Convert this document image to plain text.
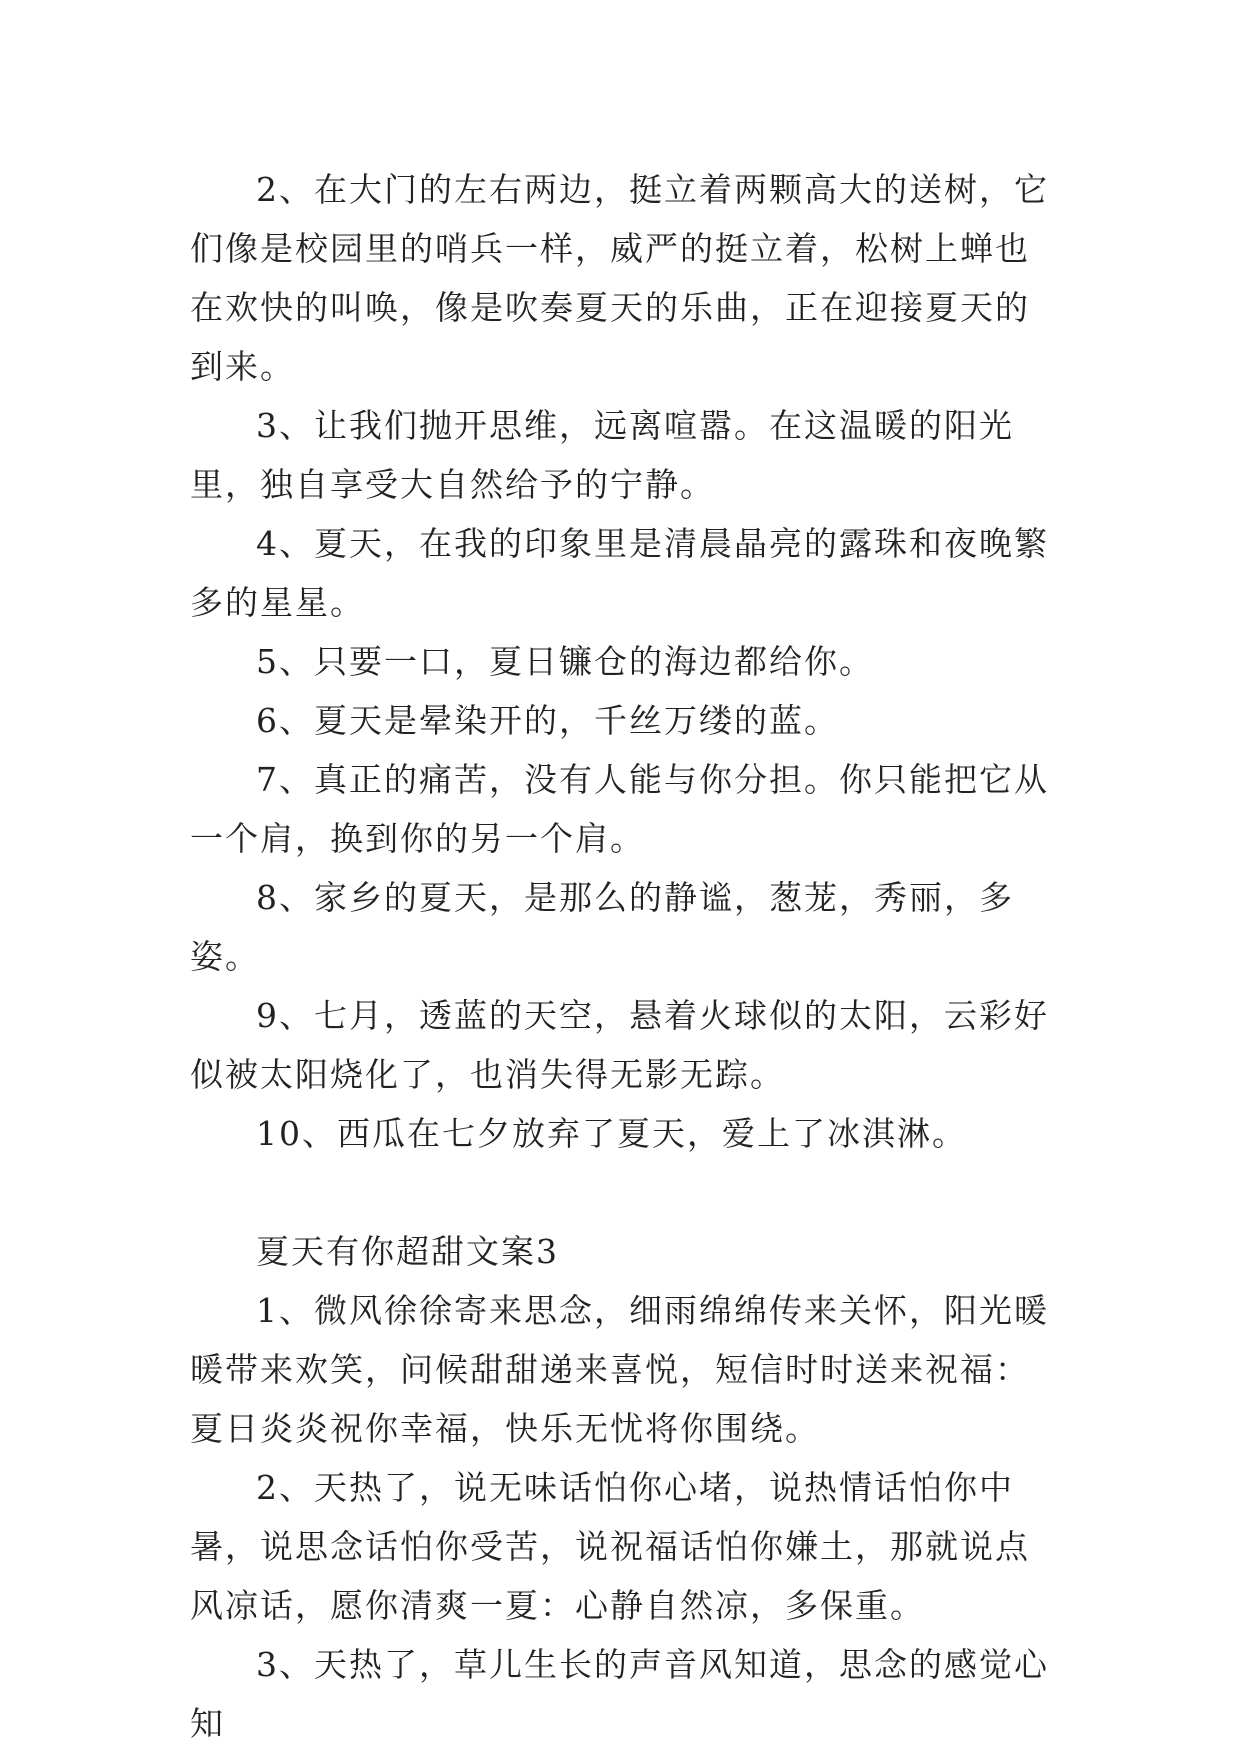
2、在大门的左右两边，挺立着两颗高大的送树，它们像是校园里的哨兵一样，威严的挺立着，松树上蝉也在欢快的叫唤，像是吹奏夏天的乐曲，正在迎接夏天的到来。

3、让我们抛开思维，远离喧嚣。在这温暖的阳光里，独自享受大自然给予的宁静。

4、夏天，在我的印象里是清晨晶亮的露珠和夜晚繁多的星星。

5、只要一口，夏日镰仓的海边都给你。

6、夏天是晕染开的，千丝万缕的蓝。

7、真正的痛苦，没有人能与你分担。你只能把它从一个肩，换到你的另一个肩。

8、家乡的夏天，是那么的静谧，葱茏，秀丽，多姿。

9、七月，透蓝的天空，悬着火球似的太阳，云彩好似被太阳烧化了，也消失得无影无踪。

10、西瓜在七夕放弃了夏天，爱上了冰淇淋。

夏天有你超甜文案3

1、微风徐徐寄来思念，细雨绵绵传来关怀，阳光暖暖带来欢笑，问候甜甜递来喜悦，短信时时送来祝福：夏日炎炎祝你幸福，快乐无忧将你围绕。

2、天热了，说无味话怕你心堵，说热情话怕你中暑，说思念话怕你受苦，说祝福话怕你嫌土，那就说点风凉话，愿你清爽一夏：心静自然凉，多保重。

3、天热了，草儿生长的声音风知道，思念的感觉心知
